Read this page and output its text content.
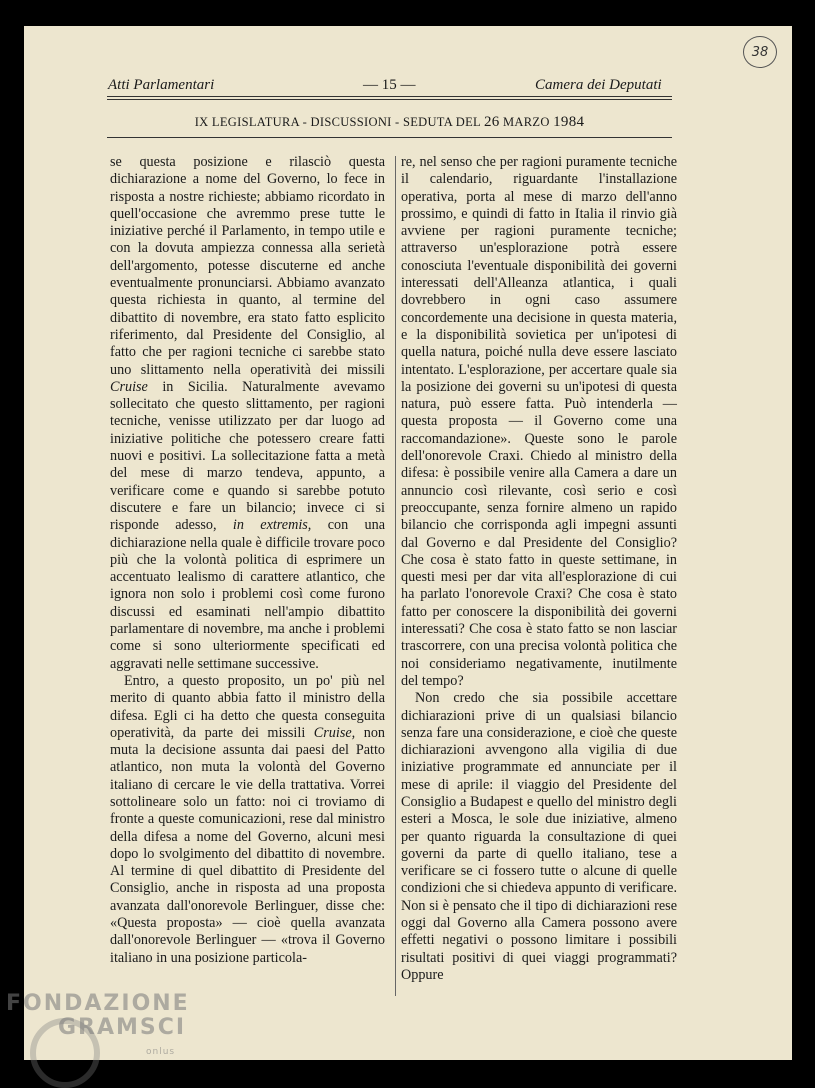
38
Atti Parlamentari	— 15 —	Camera dei Deputati
IX LEGISLATURA - DISCUSSIONI - SEDUTA DEL 26 MARZO 1984

se questa posizione e rilasciò questa dichiarazione a nome del Governo, lo fece in risposta a nostre richieste; abbiamo ricordato in quell'occasione che avremmo prese tutte le iniziative perché il Parlamento, in tempo utile e con la dovuta ampiezza connessa alla serietà dell'argomento, potesse discuterne ed anche eventualmente pronunciarsi. Abbiamo avanzato questa richiesta in quanto, al termine del dibattito di novembre, era stato fatto esplicito riferimento, dal Presidente del Consiglio, al fatto che per ragioni tecniche ci sarebbe stato uno slittamento nella operatività dei missili Cruise in Sicilia. Naturalmente avevamo sollecitato che questo slittamento, per ragioni tecniche, venisse utilizzato per dar luogo ad iniziative politiche che potessero creare fatti nuovi e positivi. La sollecitazione fatta a metà del mese di marzo tendeva, appunto, a verificare come e quando si sarebbe potuto discutere e fare un bilancio; invece ci si risponde adesso, in extremis, con una dichiarazione nella quale è difficile trovare poco più che la volontà politica di esprimere un accentuato lealismo di carattere atlantico, che ignora non solo i problemi così come furono discussi ed esaminati nell'ampio dibattito parlamentare di novembre, ma anche i problemi come si sono ulteriormente specificati ed aggravati nelle settimane successive.

Entro, a questo proposito, un po' più nel merito di quanto abbia fatto il ministro della difesa. Egli ci ha detto che questa conseguita operatività, da parte dei missili Cruise, non muta la decisione assunta dai paesi del Patto atlantico, non muta la volontà del Governo italiano di cercare le vie della trattativa. Vorrei sottolineare solo un fatto: noi ci troviamo di fronte a queste comunicazioni, rese dal ministro della difesa a nome del Governo, alcuni mesi dopo lo svolgimento del dibattito di novembre. Al termine di quel dibattito di Presidente del Consiglio, anche in risposta ad una proposta avanzata dall'onorevole Berlinguer, disse che: «Questa proposta» — cioè quella avanzata dall'onorevole Berlinguer — «trova il Governo italiano in una posizione particola-

re, nel senso che per ragioni puramente tecniche il calendario, riguardante l'installazione operativa, porta al mese di marzo dell'anno prossimo, e quindi di fatto in Italia il rinvio già avviene per ragioni puramente tecniche; attraverso un'esplorazione potrà essere conosciuta l'eventuale disponibilità dei governi interessati dell'Alleanza atlantica, i quali dovrebbero in ogni caso assumere concordemente una decisione in questa materia, e la disponibilità sovietica per un'ipotesi di quella natura, poiché nulla deve essere lasciato intentato. L'esplorazione, per accertare quale sia la posizione dei governi su un'ipotesi di questa natura, può essere fatta. Può intenderla — questa proposta — il Governo come una raccomandazione». Queste sono le parole dell'onorevole Craxi. Chiedo al ministro della difesa: è possibile venire alla Camera a dare un annuncio così rilevante, così serio e così preoccupante, senza fornire almeno un rapido bilancio che corrisponda agli impegni assunti dal Governo e dal Presidente del Consiglio? Che cosa è stato fatto in queste settimane, in questi mesi per dar vita all'esplorazione di cui ha parlato l'onorevole Craxi? Che cosa è stato fatto per conoscere la disponibilità dei governi interessati? Che cosa è stato fatto se non lasciar trascorrere, con una precisa volontà politica che noi consideriamo negativamente, inutilmente del tempo?

Non credo che sia possibile accettare dichiarazioni prive di un qualsiasi bilancio senza fare una considerazione, e cioè che queste dichiarazioni avvengono alla vigilia di due iniziative programmate ed annunciate per il mese di aprile: il viaggio del Presidente del Consiglio a Budapest e quello del ministro degli esteri a Mosca, le sole due iniziative, almeno per quanto riguarda la consultazione di quei governi da parte di quello italiano, tese a verificare se ci fossero tutte o alcune di quelle condizioni che si chiedeva appunto di verificare. Non si è pensato che il tipo di dichiarazioni rese oggi dal Governo alla Camera possono avere effetti negativi o possono limitare i possibili risultati positivi di quei viaggi programmati? Oppure

FONDAZIONE
GRAMSCI
onlus
